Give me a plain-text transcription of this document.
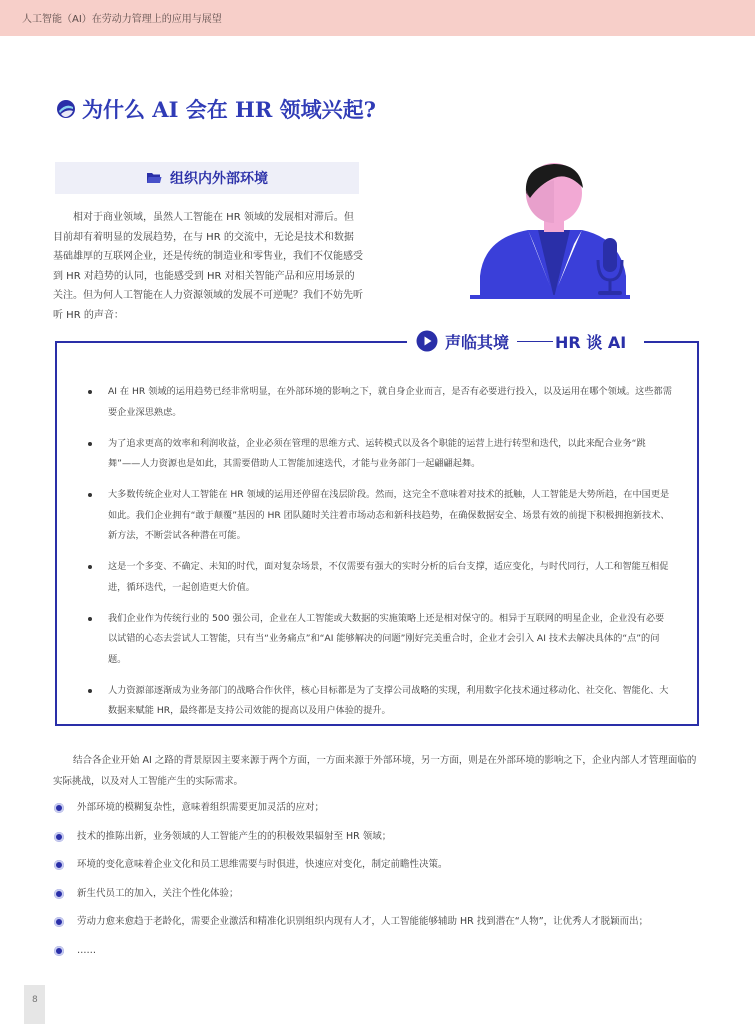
人工智能（AI）在劳动力管理上的应用与展望
为什么 AI 会在 HR 领域兴起?
组织内外部环境

相对于商业领域，虽然人工智能在 HR 领域的发展相对滞后。但目前却有着明显的发展趋势，在与 HR 的交流中，无论是技术和数据基础雄厚的互联网企业，还是传统的制造业和零售业，我们不仅能感受到 HR 对趋势的认同，也能感受到 HR 对相关智能产品和应用场景的关注。但为何人工智能在人力资源领域的发展不可逆呢？我们不妨先听听 HR 的声音：

声临其境	HR 谈 AI
AI 在 HR 领域的运用趋势已经非常明显，在外部环境的影响之下，就自身企业而言，是否有必要进行投入，以及运用在哪个领域。这些都需要企业深思熟虑。
为了追求更高的效率和利润收益，企业必须在管理的思维方式、运转模式以及各个职能的运营上进行转型和迭代，以此来配合业务“跳舞”——人力资源也是如此，其需要借助人工智能加速迭代，才能与业务部门一起翩翩起舞。
大多数传统企业对人工智能在 HR 领域的运用还停留在浅层阶段。然而，这完全不意味着对技术的抵触，人工智能是大势所趋，在中国更是如此。我们企业拥有“敢于颠覆”基因的 HR 团队随时关注着市场动态和新科技趋势，在确保数据安全、场景有效的前提下积极拥抱新技术、新方法，不断尝试各种潜在可能。
这是一个多变、不确定、未知的时代，面对复杂场景，不仅需要有强大的实时分析的后台支撑，适应变化，与时代同行，人工和智能互相促进，循环迭代，一起创造更大价值。
我们企业作为传统行业的 500 强公司，企业在人工智能或大数据的实施策略上还是相对保守的。相异于互联网的明星企业，企业没有必要以试错的心态去尝试人工智能，只有当“业务痛点”和“AI 能够解决的问题”刚好完美重合时，企业才会引入 AI 技术去解决具体的“点”的问题。
人力资源部逐渐成为业务部门的战略合作伙伴，核心目标都是为了支撑公司战略的实现，利用数字化技术通过移动化、社交化、智能化、大数据来赋能 HR，最终都是支持公司效能的提高以及用户体验的提升。

结合各企业开始 AI 之路的背景原因主要来源于两个方面，一方面来源于外部环境，另一方面，则是在外部环境的影响之下，企业内部人才管理面临的实际挑战，以及对人工智能产生的实际需求。

外部环境的模糊复杂性，意味着组织需要更加灵活的应对；
技术的推陈出新，业务领域的人工智能产生的的积极效果辐射至 HR 领域；
环境的变化意味着企业文化和员工思维需要与时俱进，快速应对变化，制定前瞻性决策。
新生代员工的加入，关注个性化体验；
劳动力愈来愈趋于老龄化，需要企业激活和精准化识别组织内现有人才，人工智能能够辅助 HR 找到潜在“人物”，让优秀人才脱颖而出；
……
8
